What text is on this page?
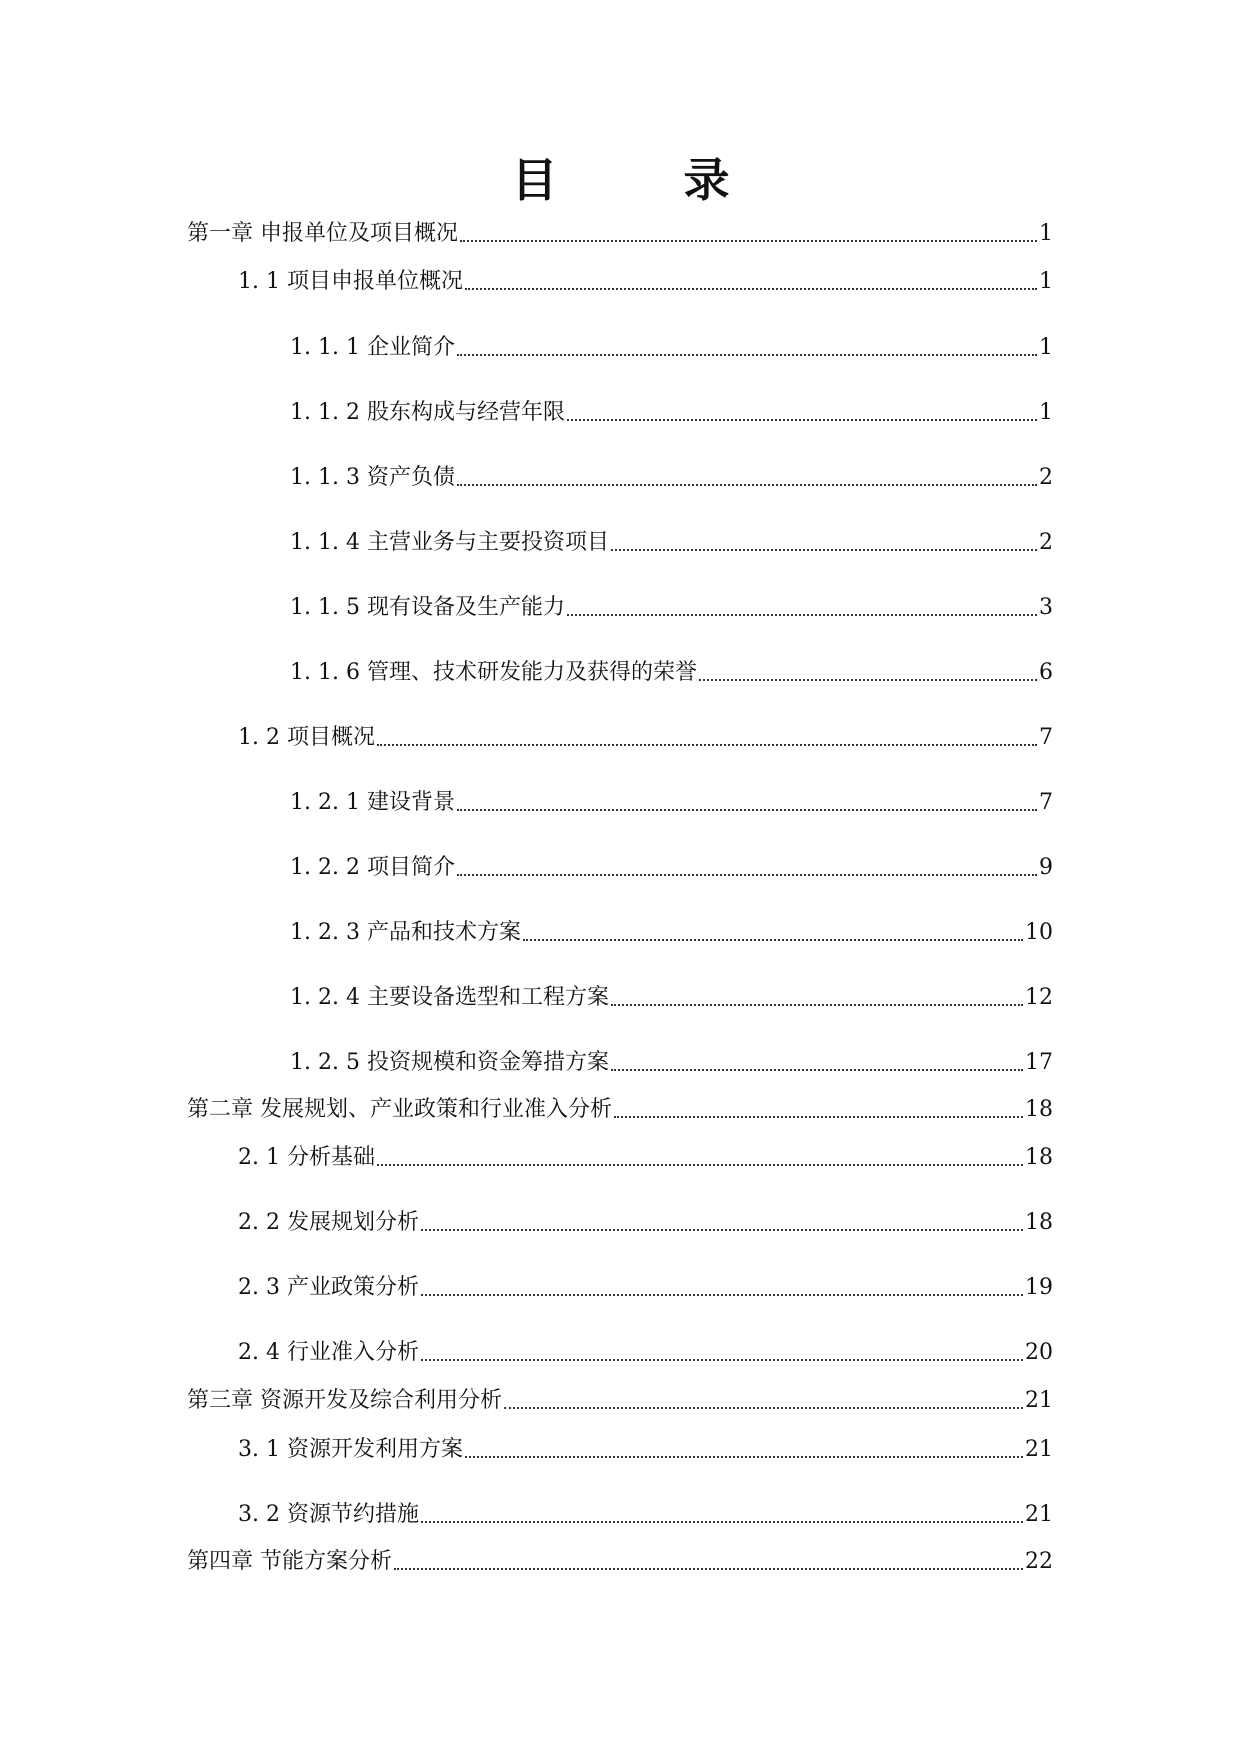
目　录
第一章 申报单位及项目概况	1
1. 1 项目申报单位概况	1
1. 1. 1 企业简介	1
1. 1. 2 股东构成与经营年限	1
1. 1. 3 资产负债	2
1. 1. 4 主营业务与主要投资项目	2
1. 1. 5 现有设备及生产能力	3
1. 1. 6 管理、技术研发能力及获得的荣誉	6
1. 2 项目概况	7
1. 2. 1 建设背景	7
1. 2. 2 项目简介	9
1. 2. 3 产品和技术方案	10
1. 2. 4 主要设备选型和工程方案	12
1. 2. 5 投资规模和资金筹措方案	17
第二章 发展规划、产业政策和行业准入分析	18
2. 1 分析基础	18
2. 2 发展规划分析	18
2. 3 产业政策分析	19
2. 4 行业准入分析	20
第三章 资源开发及综合利用分析	21
3. 1 资源开发利用方案	21
3. 2 资源节约措施	21
第四章 节能方案分析	22
